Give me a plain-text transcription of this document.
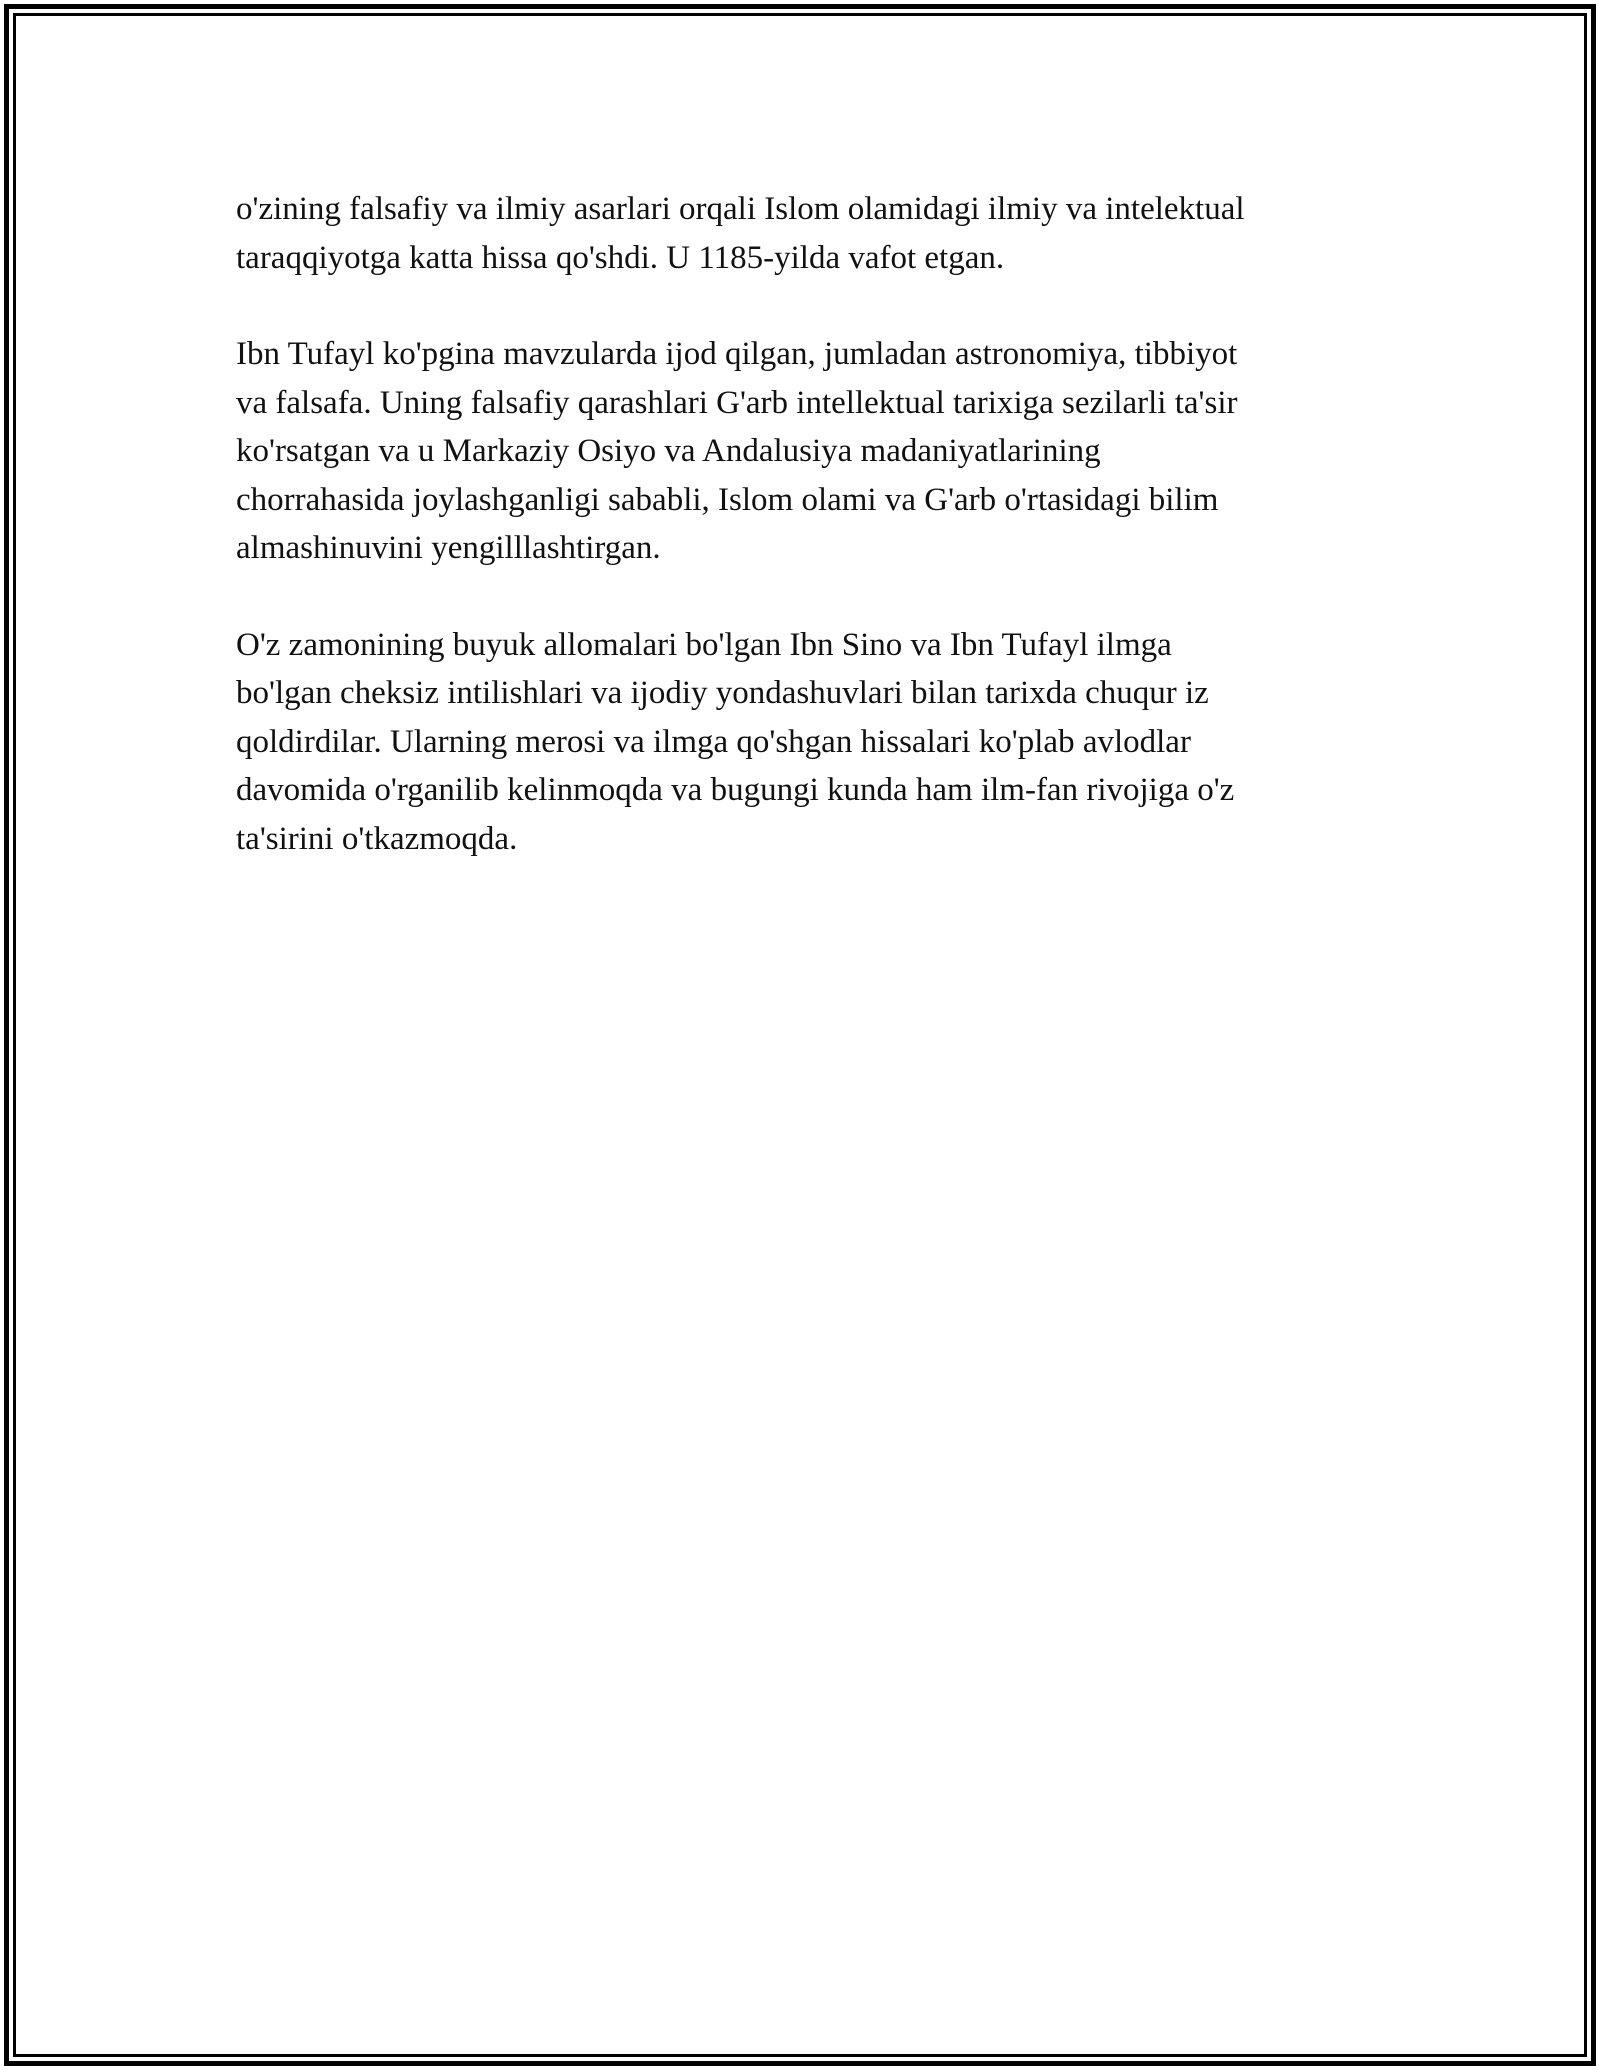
o'zining falsafiy va ilmiy asarlari orqali Islom olamidagi ilmiy va intelektual
taraqqiyotga katta hissa qo'shdi. U 1185-yilda vafot etgan.

Ibn Tufayl ko'pgina mavzularda ijod qilgan, jumladan astronomiya, tibbiyot
va falsafa. Uning falsafiy qarashlari G'arb intellektual tarixiga sezilarli ta'sir
ko'rsatgan va u Markaziy Osiyo va Andalusiya madaniyatlarining
chorrahasida joylashganligi sababli, Islom olami va G'arb o'rtasidagi bilim
almashinuvini yengilllashtirgan.

O'z zamonining buyuk allomalari bo'lgan Ibn Sino va Ibn Tufayl ilmga
bo'lgan cheksiz intilishlari va ijodiy yondashuvlari bilan tarixda chuqur iz
qoldirdilar. Ularning merosi va ilmga qo'shgan hissalari ko'plab avlodlar
davomida o'rganilib kelinmoqda va bugungi kunda ham ilm-fan rivojiga o'z
ta'sirini o'tkazmoqda.
